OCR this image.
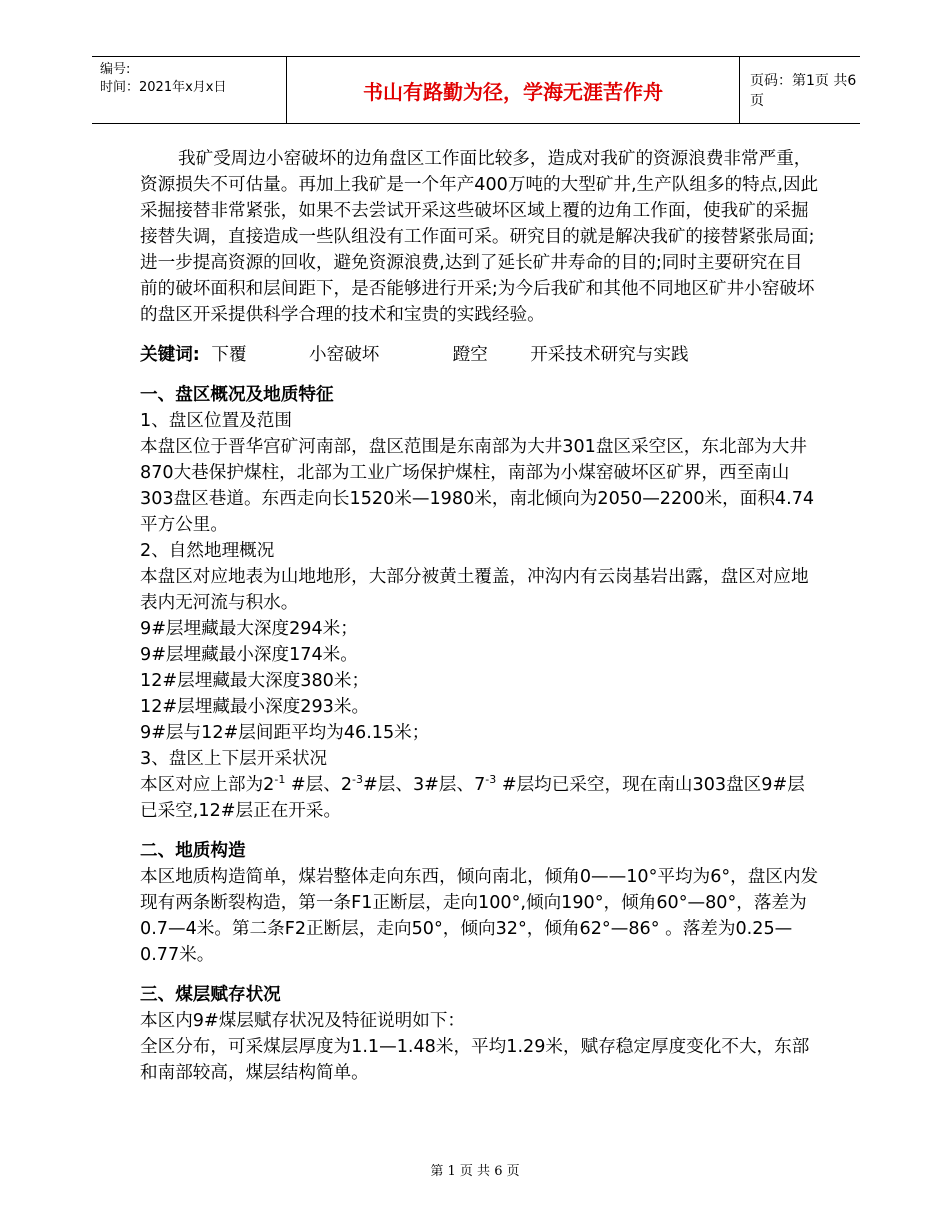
编号:
时间：2021年x月x日	书山有路勤为径，学海无涯苦作舟	页码：第1页 共6页

我矿受周边小窑破坏的边角盘区工作面比较多，造成对我矿的资源浪费非常严重，资源损失不可估量。再加上我矿是一个年产400万吨的大型矿井,生产队组多的特点,因此采掘接替非常紧张，如果不去尝试开采这些破坏区域上覆的边角工作面，使我矿的采掘接替失调，直接造成一些队组没有工作面可采。研究目的就是解决我矿的接替紧张局面;进一步提高资源的回收，避免资源浪费,达到了延长矿井寿命的目的;同时主要研究在目前的破坏面积和层间距下，是否能够进行开采;为今后我矿和其他不同地区矿井小窑破坏的盘区开采提供科学合理的技术和宝贵的实践经验。

关键词: 下覆	小窑破坏	蹬空 开采技术研究与实践

一、盘区概况及地质特征

1、盘区位置及范围

本盘区位于晋华宫矿河南部，盘区范围是东南部为大井301盘区采空区，东北部为大井870大巷保护煤柱，北部为工业广场保护煤柱，南部为小煤窑破坏区矿界，西至南山303盘区巷道。东西走向长1520米—1980米，南北倾向为2050—2200米，面积4.74平方公里。

2、自然地理概况

本盘区对应地表为山地地形，大部分被黄土覆盖，冲沟内有云岗基岩出露，盘区对应地表内无河流与积水。

9#层埋藏最大深度294米；

9#层埋藏最小深度174米。

12#层埋藏最大深度380米；

12#层埋藏最小深度293米。

9#层与12#层间距平均为46.15米；

3、盘区上下层开采状况

本区对应上部为$2^{-1}$ #层、$2^{-3}\#$层、3#层、$7^{-3}$ #层均已采空，现在南山303盘区9#层已采空,12#层正在开采。

二、地质构造

本区地质构造简单，煤岩整体走向东西，倾向南北，倾角0——10°平均为6°，盘区内发现有两条断裂构造，第一条F1正断层，走向100°,倾向190°，倾角60°—80°，落差为0.7—4米。第二条F2正断层，走向50°，倾向32°，倾角62°—86° 。落差为0.25—0.77米。

三、煤层赋存状况

本区内9#煤层赋存状况及特征说明如下：

全区分布，可采煤层厚度为1.1—1.48米，平均1.29米，赋存稳定厚度变化不大，东部和南部较高，煤层结构简单。

第 1 页 共 6 页
